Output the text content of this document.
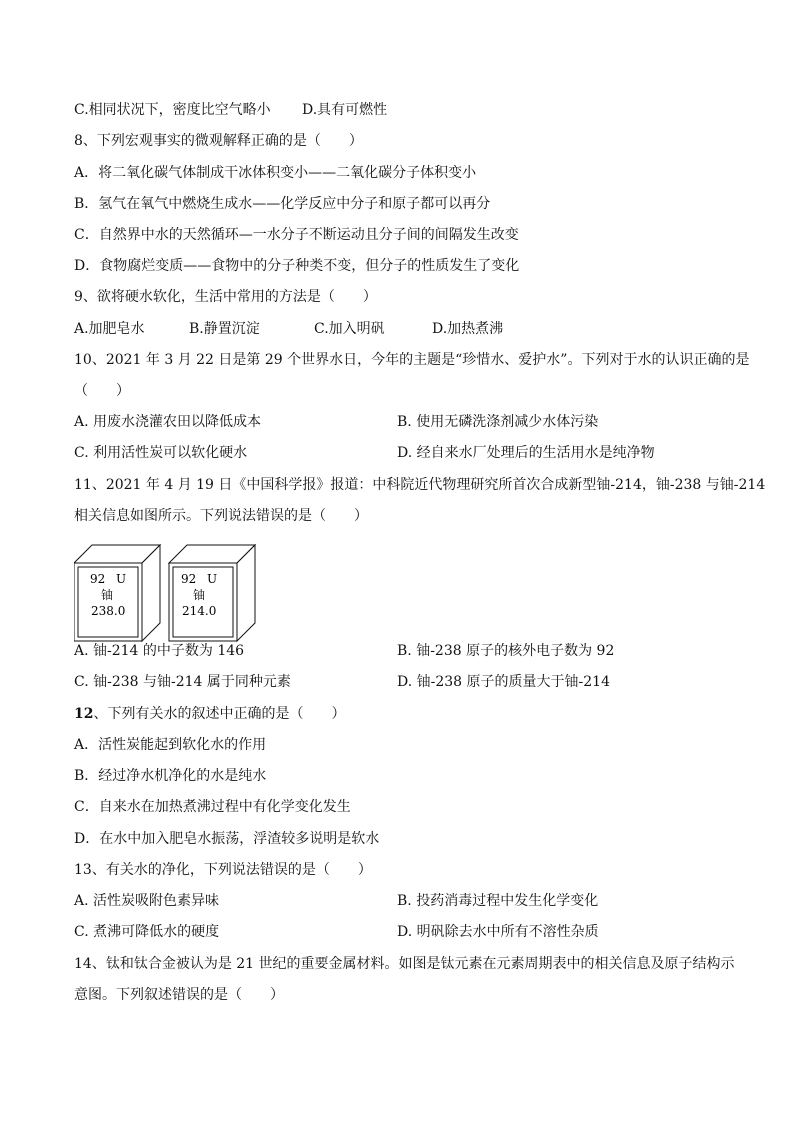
C.相同状况下，密度比空气略小 D.具有可燃性
8、下列宏观事实的微观解释正确的是（　　）
A．将二氧化碳气体制成干冰体积变小——二氧化碳分子体积变小
B．氢气在氧气中燃烧生成水——化学反应中分子和原子都可以再分
C．自然界中水的天然循环—一水分子不断运动且分子间的间隔发生改变
D．食物腐烂变质——食物中的分子种类不变，但分子的性质发生了变化
9、欲将硬水软化，生活中常用的方法是（　　）
A.加肥皂水	B.静置沉淀	C.加入明矾	D.加热煮沸
10、2021 年 3 月 22 日是第 29 个世界水日，今年的主题是“珍惜水、爱护水”。下列对于水的认识正确的是
（　　）
A. 用废水浇灌农田以降低成本	B. 使用无磷洗涤剂减少水体污染
C. 利用活性炭可以软化硬水	D. 经自来水厂处理后的生活用水是纯净物
11、2021 年 4 月 19 日《中国科学报》报道：中科院近代物理研究所首次合成新型铀-214，铀-238 与铀-214
相关信息如图所示。下列说法错误的是（　　）
92 U
铀
238.0
92 U
铀
214.0
A. 铀-214 的中子数为 146	B. 铀-238 原子的核外电子数为 92
C. 铀-238 与铀-214 属于同种元素	D. 铀-238 原子的质量大于铀-214
12、下列有关水的叙述中正确的是（　　）
A．活性炭能起到软化水的作用
B．经过净水机净化的水是纯水
C．自来水在加热煮沸过程中有化学变化发生
D．在水中加入肥皂水振荡，浮渣较多说明是软水
13、有关水的净化，下列说法错误的是（　　）
A. 活性炭吸附色素异味	B. 投药消毒过程中发生化学变化
C. 煮沸可降低水的硬度	D. 明矾除去水中所有不溶性杂质
14、钛和钛合金被认为是 21 世纪的重要金属材料。如图是钛元素在元素周期表中的相关信息及原子结构示
意图。下列叙述错误的是（　　）
